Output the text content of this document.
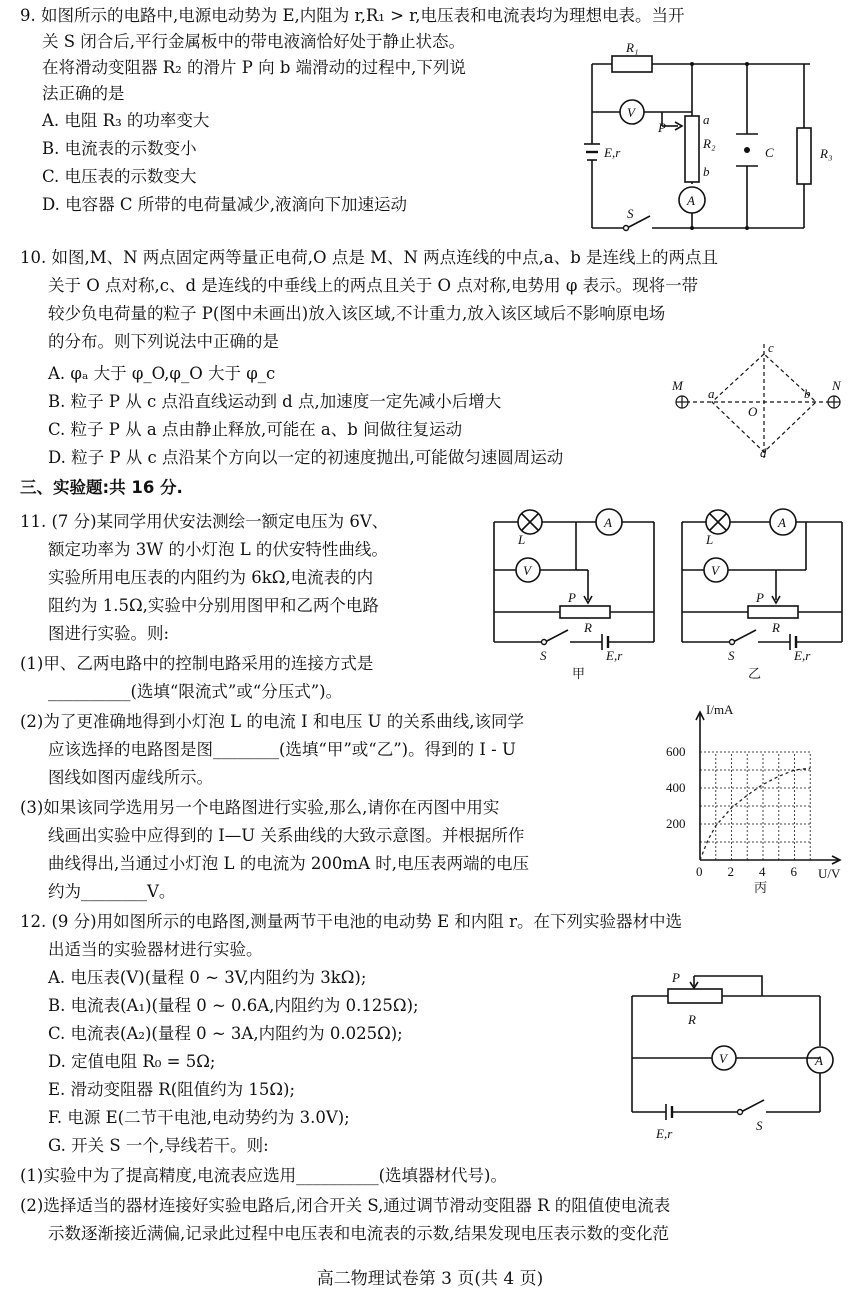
9. 如图所示的电路中,电源电动势为 E,内阻为 r,R₁ > r,电压表和电流表均为理想电表。当开
关 S 闭合后,平行金属板中的带电液滴恰好处于静止状态。
在将滑动变阻器 R₂ 的滑片 P 向 b 端滑动的过程中,下列说
法正确的是
A. 电阻 R₃ 的功率变大
B. 电流表的示数变小
C. 电压表的示数变大
D. 电容器 C 所带的电荷量减少,液滴向下加速运动
R₁
V
P
a
R₂
b
A
E,r	C	R₃
S
10. 如图,M、N 两点固定两等量正电荷,O 点是 M、N 两点连线的中点,a、b 是连线上的两点且
关于 O 点对称,c、d 是连线的中垂线上的两点且关于 O 点对称,电势用 φ 表示。现将一带
较少负电荷量的粒子 P(图中未画出)放入该区域,不计重力,放入该区域后不影响原电场
的分布。则下列说法中正确的是
A. φₐ 大于 φ_O,φ_O 大于 φ_c
B. 粒子 P 从 c 点沿直线运动到 d 点,加速度一定先减小后增大
C. 粒子 P 从 a 点由静止释放,可能在 a、b 间做往复运动
D. 粒子 P 从 c 点沿某个方向以一定的初速度抛出,可能做匀速圆周运动
M	N
a	b
c
d
O
三、实验题:共 16 分.
11. (7 分)某同学用伏安法测绘一额定电压为 6V、
额定功率为 3W 的小灯泡 L 的伏安特性曲线。
实验所用电压表的内阻约为 6kΩ,电流表的内
阻约为 1.5Ω,实验中分别用图甲和乙两个电路
图进行实验。则:
(1)甲、乙两电路中的控制电路采用的连接方式是
__________(选填“限流式”或“分压式”)。
(2)为了更准确地得到小灯泡 L 的电流 I 和电压 U 的关系曲线,该同学
应该选择的电路图是图________(选填“甲”或“乙”)。得到的 I - U
图线如图丙虚线所示。
(3)如果该同学选用另一个电路图进行实验,那么,请你在丙图中用实
线画出实验中应得到的 I—U 关系曲线的大致示意图。并根据所作
曲线得出,当通过小灯泡 L 的电流为 200mA 时,电压表两端的电压
约为________V。
L
A
V
P
R
S	E,r
甲
L
A
V
P
R
S	E,r
乙
0 2 4 6
200
400
600
I/mA
U/V
丙
12. (9 分)用如图所示的电路图,测量两节干电池的电动势 E 和内阻 r。在下列实验器材中选
出适当的实验器材进行实验。
A. 电压表(V)(量程 0 ~ 3V,内阻约为 3kΩ);
B. 电流表(A₁)(量程 0 ~ 0.6A,内阻约为 0.125Ω);
C. 电流表(A₂)(量程 0 ~ 3A,内阻约为 0.025Ω);
D. 定值电阻 R₀ = 5Ω;
E. 滑动变阻器 R(阻值约为 15Ω);
F. 电源 E(二节干电池,电动势约为 3.0V);
G. 开关 S 一个,导线若干。则:
(1)实验中为了提高精度,电流表应选用__________(选填器材代号)。
(2)选择适当的器材连接好实验电路后,闭合开关 S,通过调节滑动变阻器 R 的阻值使电流表
示数逐渐接近满偏,记录此过程中电压表和电流表的示数,结果发现电压表示数的变化范
P
R
A
V
E,r
S
高二物理试卷第 3 页(共 4 页)
